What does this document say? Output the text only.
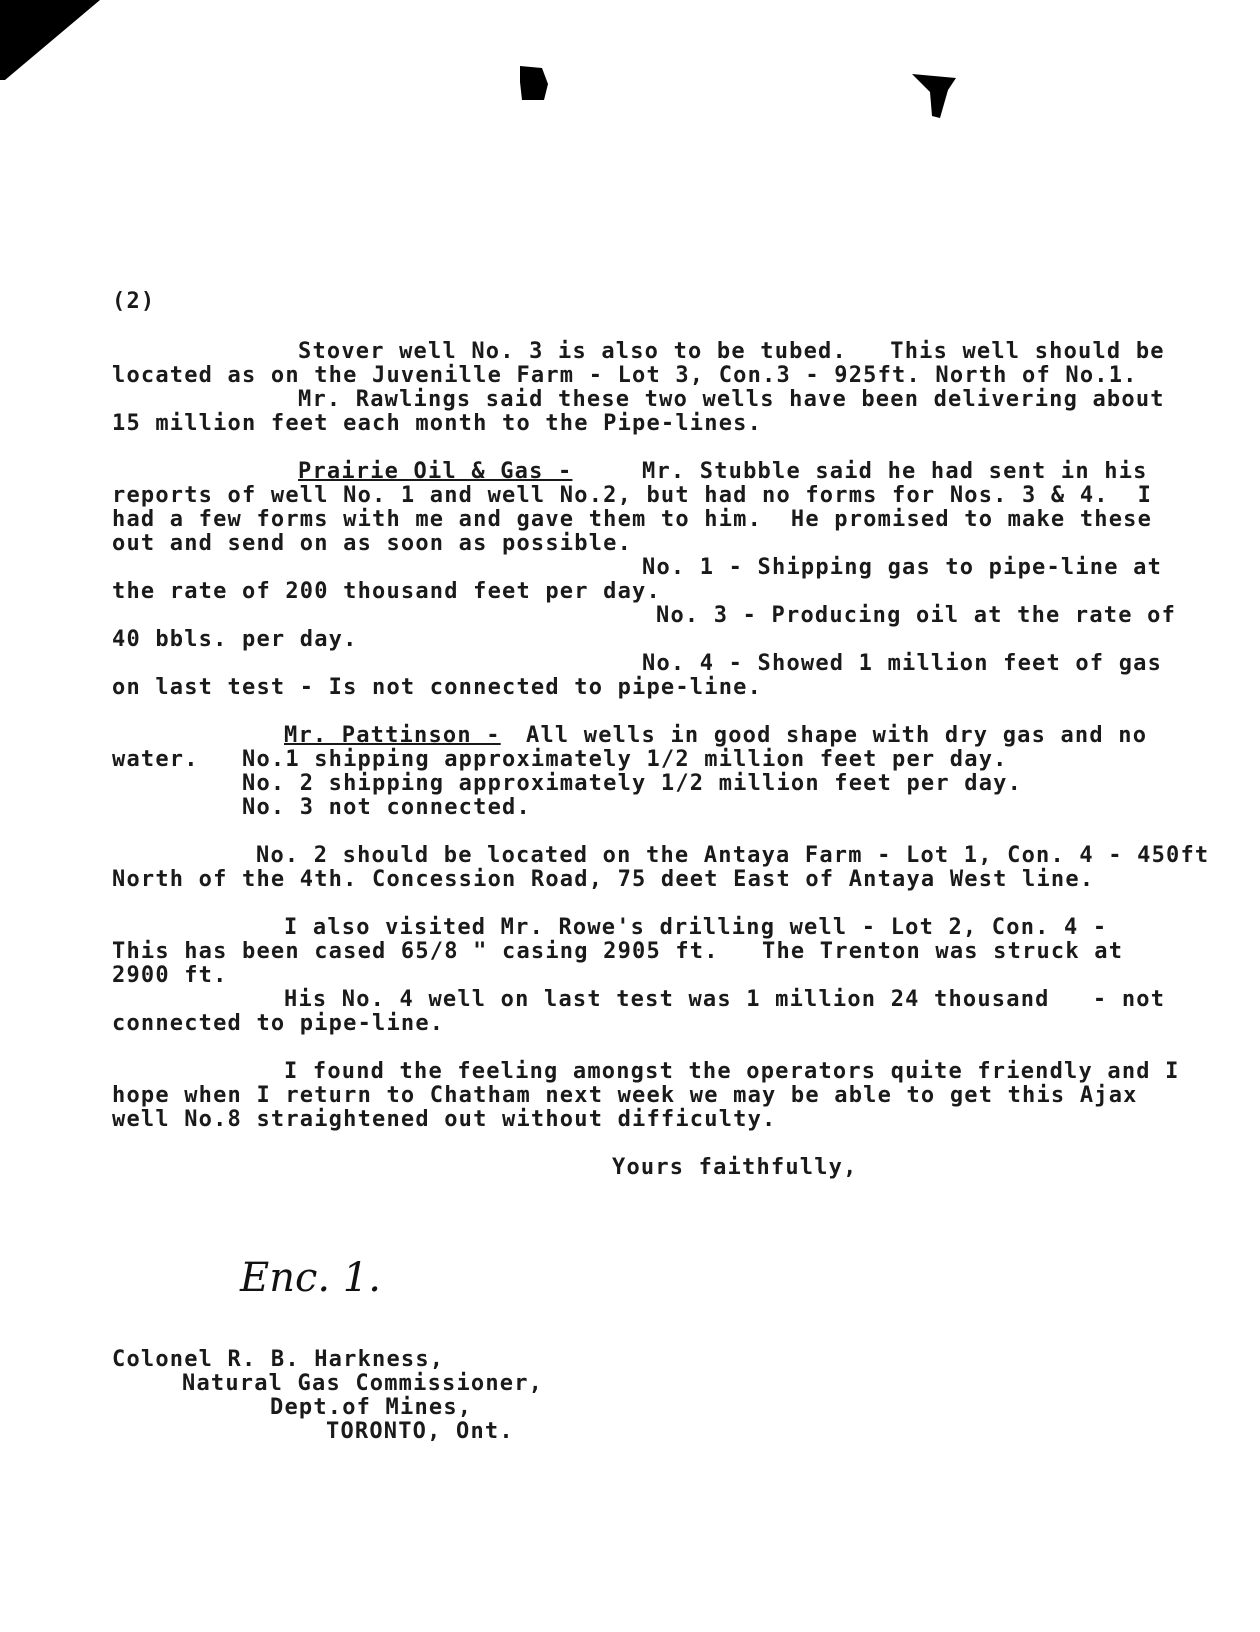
(2)
Stover well No. 3 is also to be tubed.   This well should be
located as on the Juvenille Farm - Lot 3, Con.3 - 925ft. North of No.1.
Mr. Rawlings said these two wells have been delivering about
15 million feet each month to the Pipe-lines.
Prairie Oil & Gas -	Mr. Stubble said he had sent in his
reports of well No. 1 and well No.2, but had no forms for Nos. 3 & 4.  I
had a few forms with me and gave them to him.  He promised to make these
out and send on as soon as possible.
No. 1 - Shipping gas to pipe-line at
the rate of 200 thousand feet per day.
No. 3 - Producing oil at the rate of
40 bbls. per day.
No. 4 - Showed 1 million feet of gas
on last test - Is not connected to pipe-line.
Mr. Pattinson - All wells in good shape with dry gas and no
water. No.1 shipping approximately 1/2 million feet per day.
No. 2 shipping approximately 1/2 million feet per day.
No. 3 not connected.
No. 2 should be located on the Antaya Farm - Lot 1, Con. 4 - 450ft
North of the 4th. Concession Road, 75 deet East of Antaya West line.
I also visited Mr. Rowe's drilling well - Lot 2, Con. 4 -
This has been cased 65/8 " casing 2905 ft.   The Trenton was struck at
2900 ft.
His No. 4 well on last test was 1 million 24 thousand   - not
connected to pipe-line.
I found the feeling amongst the operators quite friendly and I
hope when I return to Chatham next week we may be able to get this Ajax
well No.8 straightened out without difficulty.
Yours faithfully,
Enc. 1.
Colonel R. B. Harkness,
Natural Gas Commissioner,
Dept.of Mines,
TORONTO, Ont.
